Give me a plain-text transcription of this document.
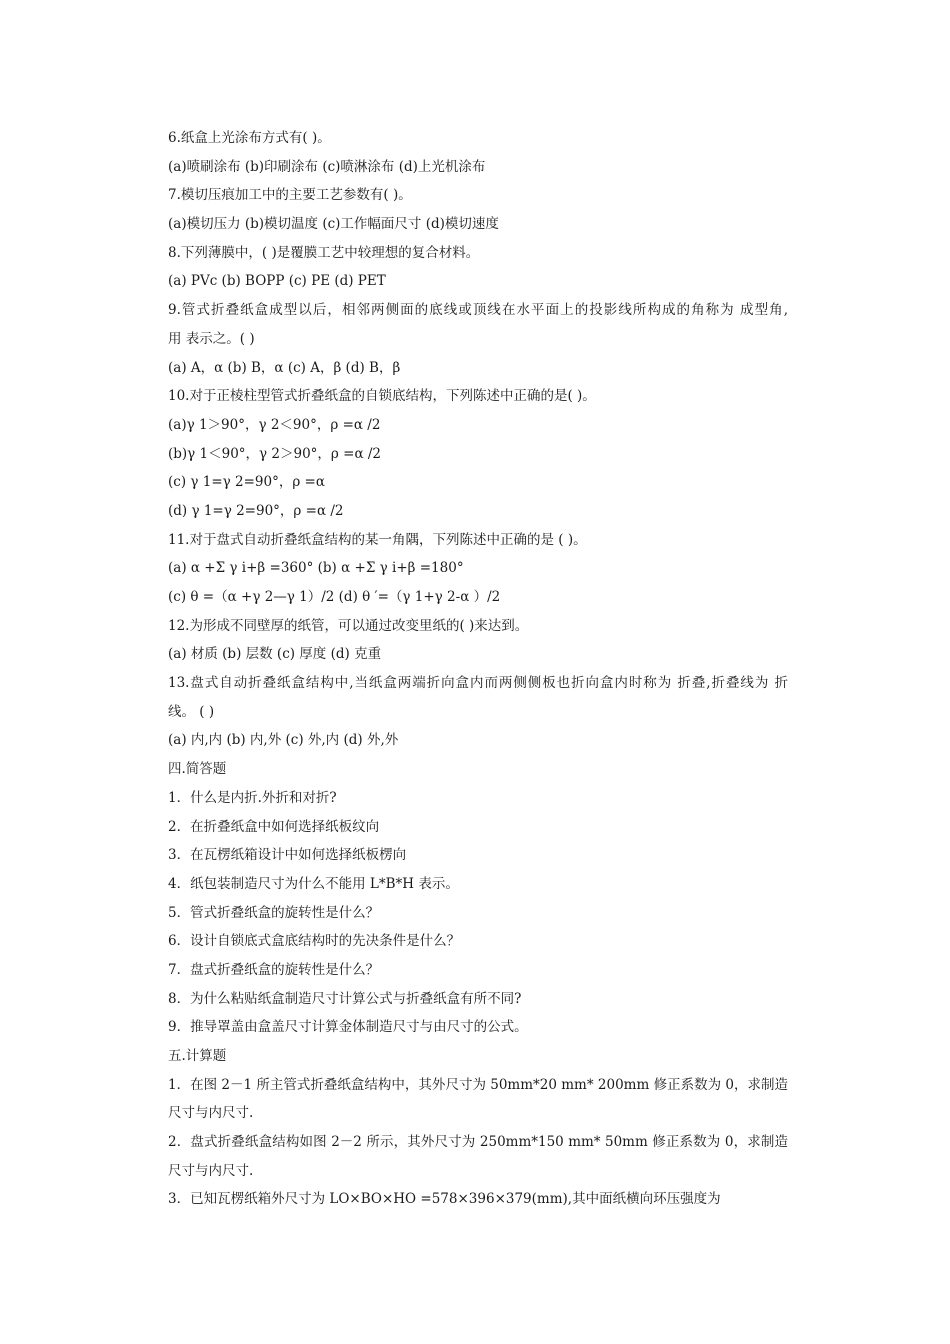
6.纸盒上光涂布方式有( )。
(a)喷刷涂布 (b)印刷涂布 (c)喷淋涂布 (d)上光机涂布
7.模切压痕加工中的主要工艺参数有( )。
(a)模切压力 (b)模切温度 (c)工作幅面尺寸 (d)模切速度
8.下列薄膜中，( )是覆膜工艺中较理想的复合材料。
(a) PVc (b) BOPP (c) PE (d) PET
9.管式折叠纸盒成型以后，相邻两侧面的底线或顶线在水平面上的投影线所构成的角称为 成型角,
用 表示之。( )
(a) A，α (b) B，α (c) A，β (d) B，β
10.对于正棱柱型管式折叠纸盒的自锁底结构，下列陈述中正确的是( )。
(a)γ 1＞90°，γ 2＜90°，ρ =α /2
(b)γ 1＜90°，γ 2＞90°，ρ =α /2
(c) γ 1=γ 2=90°，ρ =α
(d) γ 1=γ 2=90°，ρ =α /2
11.对于盘式自动折叠纸盒结构的某一角隅，下列陈述中正确的是 ( )。
(a) α +Σ γ i+β =360° (b) α +Σ γ i+β =180°
(c) θ =（α +γ 2—γ 1）/2 (d) θ ′=（γ 1+γ 2-α ）/2
12.为形成不同壁厚的纸管，可以通过改变里纸的( )来达到。
(a) 材质 (b) 层数 (c) 厚度 (d) 克重
13.盘式自动折叠纸盒结构中,当纸盒两端折向盒内而两侧侧板也折向盒内时称为 折叠,折叠线为 折
线。 ( )
(a) 内,内 (b) 内,外 (c) 外,内 (d) 外,外
四.简答题
1．什么是内折.外折和对折?
2．在折叠纸盒中如何选择纸板纹向
3．在瓦楞纸箱设计中如何选择纸板楞向
4．纸包装制造尺寸为什么不能用 L*B*H 表示。
5．管式折叠纸盒的旋转性是什么？
6．设计自锁底式盒底结构时的先决条件是什么？
7．盘式折叠纸盒的旋转性是什么？
8．为什么粘贴纸盒制造尺寸计算公式与折叠纸盒有所不同?
9．推导罩盖由盒盖尺寸计算金体制造尺寸与由尺寸的公式。
五.计算题
1．在图 2－1 所主管式折叠纸盒结构中，其外尺寸为 50mm*20 mm* 200mm 修正系数为 0，求制造
尺寸与内尺寸.
2．盘式折叠纸盒结构如图 2－2 所示，其外尺寸为 250mm*150 mm* 50mm 修正系数为 0，求制造
尺寸与内尺寸.
3．已知瓦楞纸箱外尺寸为 LO×BO×HO =578×396×379(mm),其中面纸横向环压强度为
